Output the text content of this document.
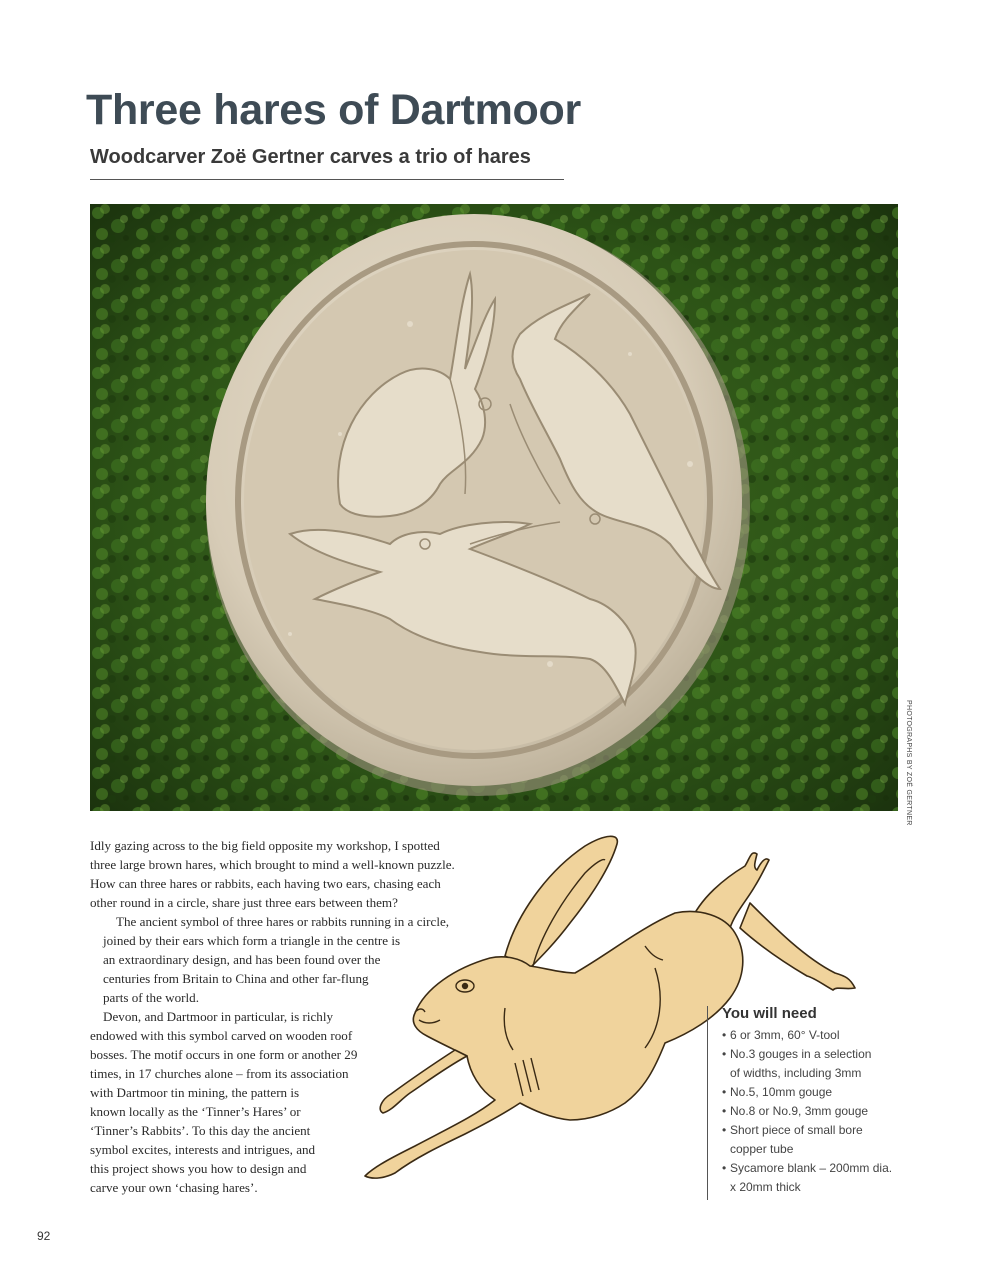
Three hares of Dartmoor
Woodcarver Zoë Gertner carves a trio of hares
PHOTOGRAPHS BY ZOË GERTNER

Idly gazing across to the big field opposite my workshop, I spotted
three large brown hares, which brought to mind a well-known puzzle.
How can three hares or rabbits, each having two ears, chasing each
other round in a circle, share just three ears between them?

The ancient symbol of three hares or rabbits running in a circle,
joined by their ears which form a triangle in the centre is
an extraordinary design, and has been found over the
centuries from Britain to China and other far-flung
parts of the world.

Devon, and Dartmoor in particular, is richly
endowed with this symbol carved on wooden roof
bosses. The motif occurs in one form or another 29
times, in 17 churches alone – from its association
with Dartmoor tin mining, the pattern is
known locally as the ‘Tinner’s Hares’ or
‘Tinner’s Rabbits’. To this day the ancient
symbol excites, interests and intrigues, and
this project shows you how to design and
carve your own ‘chasing hares’.

You will need
• 6 or 3mm, 60° V-tool
• No.3 gouges in a selection
of widths, including 3mm
• No.5, 10mm gouge
• No.8 or No.9, 3mm gouge
• Short piece of small bore
copper tube
• Sycamore blank – 200mm dia.
x 20mm thick
92
